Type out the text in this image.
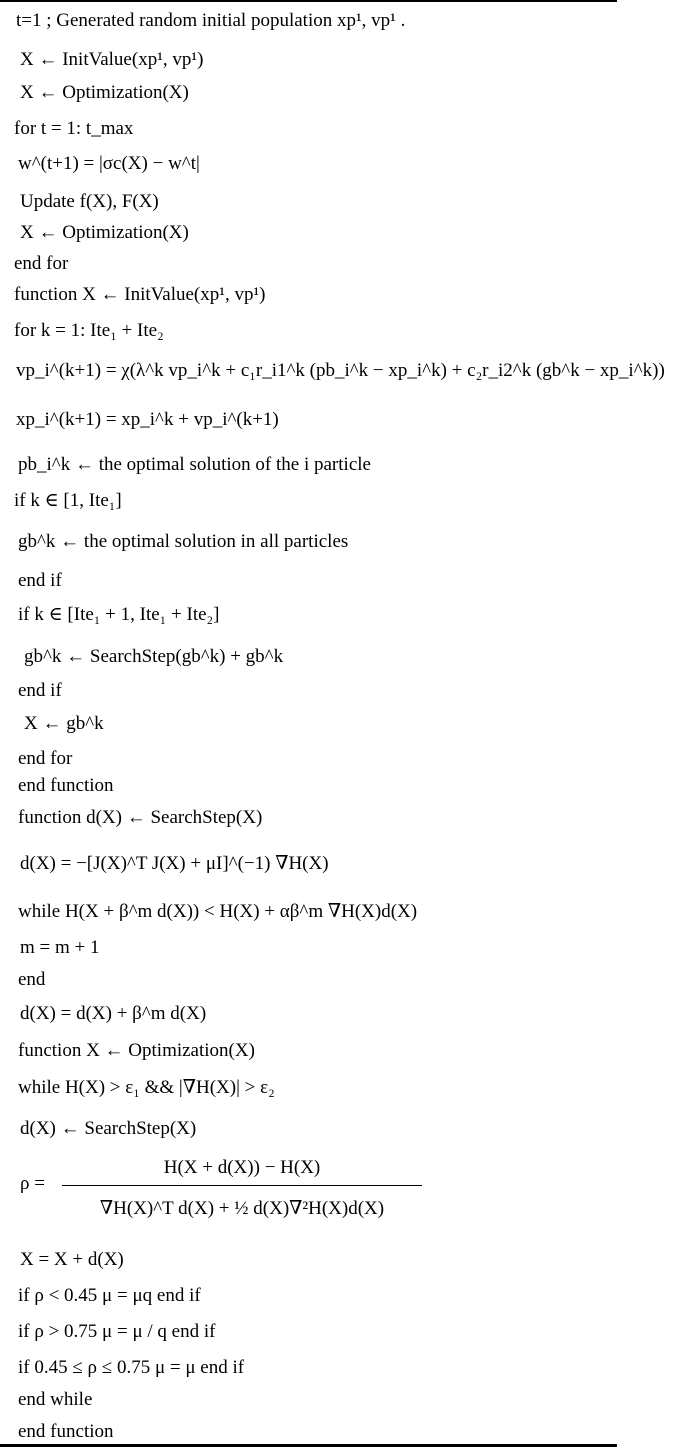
t=1 ; Generated random initial population xp¹, vp¹ .
X ← InitValue(xp¹, vp¹)
X ← Optimization(X)
for t = 1: t_max
w^(t+1) = |σc(X) − w^t|
Update f(X), F(X)
X ← Optimization(X)
end for
function X ← InitValue(xp¹, vp¹)
for k = 1: Ite₁ + Ite₂
vp_i^(k+1) = χ(λ^k vp_i^k + c₁r_i1^k (pb_i^k − xp_i^k) + c₂r_i2^k (gb^k − xp_i^k))
xp_i^(k+1) = xp_i^k + vp_i^(k+1)
pb_i^k ← the optimal solution of the i particle
if k ∈ [1, Ite₁]
gb^k ← the optimal solution in all particles
end if
if k ∈ [Ite₁ + 1, Ite₁ + Ite₂]
gb^k ← SearchStep(gb^k) + gb^k
end if
X ← gb^k
end for
end function
function d(X) ← SearchStep(X)
d(X) = −[J(X)^T J(X) + μI]^(−1) ∇H(X)
while H(X + β^m d(X)) < H(X) + αβ^m ∇H(X)d(X)
m = m + 1
end
d(X) = d(X) + β^m d(X)
function X ← Optimization(X)
while H(X) > ε₁ && |∇H(X)| > ε₂
d(X) ← SearchStep(X)
ρ =
H(X + d(X)) − H(X)
∇H(X)^T d(X) + ½ d(X)∇²H(X)d(X)
X = X + d(X)
if ρ < 0.45 μ = μq end if
if ρ > 0.75 μ = μ / q end if
if 0.45 ≤ ρ ≤ 0.75 μ = μ end if
end while
end function
